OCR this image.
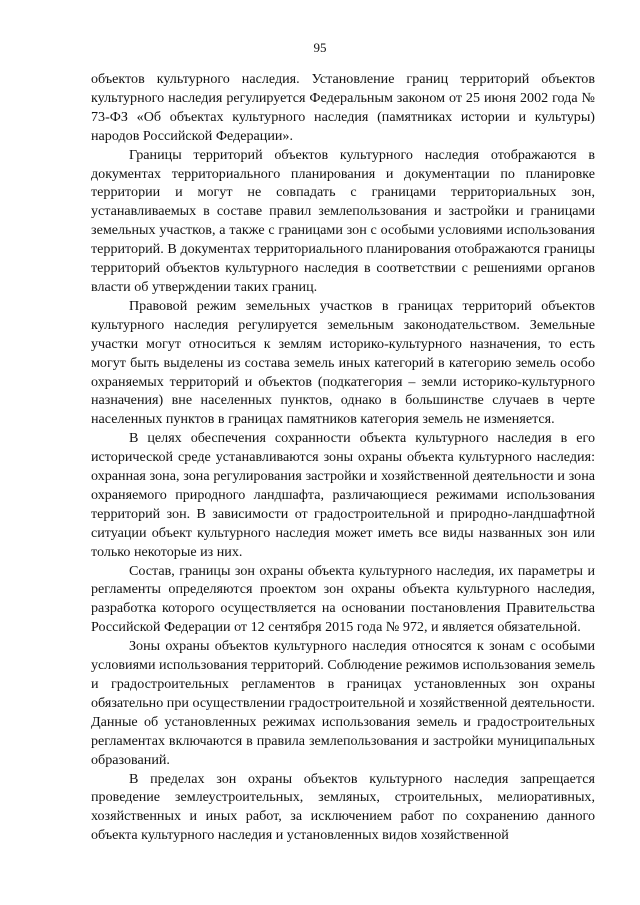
95

объектов культурного наследия. Установление границ территорий объектов культурного наследия регулируется Федеральным законом от 25 июня 2002 года № 73-ФЗ «Об объектах культурного наследия (памятниках истории и культуры) народов Российской Федерации».

Границы территорий объектов культурного наследия отображаются в документах территориального планирования и документации по планировке территории и могут не совпадать с границами территориальных зон, устанавливаемых в составе правил землепользования и застройки и границами земельных участков, а также с границами зон с особыми условиями использования территорий. В документах территориального планирования отображаются границы территорий объектов культурного наследия в соответствии с решениями органов власти об утверждении таких границ.

Правовой режим земельных участков в границах территорий объектов культурного наследия регулируется земельным законодательством. Земельные участки могут относиться к землям историко-культурного назначения, то есть могут быть выделены из состава земель иных категорий в категорию земель особо охраняемых территорий и объектов (подкатегория – земли историко-культурного назначения) вне населенных пунктов, однако в большинстве случаев в черте населенных пунктов в границах памятников категория земель не изменяется.

В целях обеспечения сохранности объекта культурного наследия в его исторической среде устанавливаются зоны охраны объекта культурного наследия: охранная зона, зона регулирования застройки и хозяйственной деятельности и зона охраняемого природного ландшафта, различающиеся режимами использования территорий зон. В зависимости от градостроительной и природно-ландшафтной ситуации объект культурного наследия может иметь все виды названных зон или только некоторые из них.

Состав, границы зон охраны объекта культурного наследия, их параметры и регламенты определяются проектом зон охраны объекта культурного наследия, разработка которого осуществляется на основании постановления Правительства Российской Федерации от 12 сентября 2015 года № 972, и является обязательной.

Зоны охраны объектов культурного наследия относятся к зонам с особыми условиями использования территорий. Соблюдение режимов использования земель и градостроительных регламентов в границах установленных зон охраны обязательно при осуществлении градостроительной и хозяйственной деятельности. Данные об установленных режимах использования земель и градостроительных регламентах включаются в правила землепользования и застройки муниципальных образований.

В пределах зон охраны объектов культурного наследия запрещается проведение землеустроительных, земляных, строительных, мелиоративных, хозяйственных и иных работ, за исключением работ по сохранению данного объекта культурного наследия и установленных видов хозяйственной
